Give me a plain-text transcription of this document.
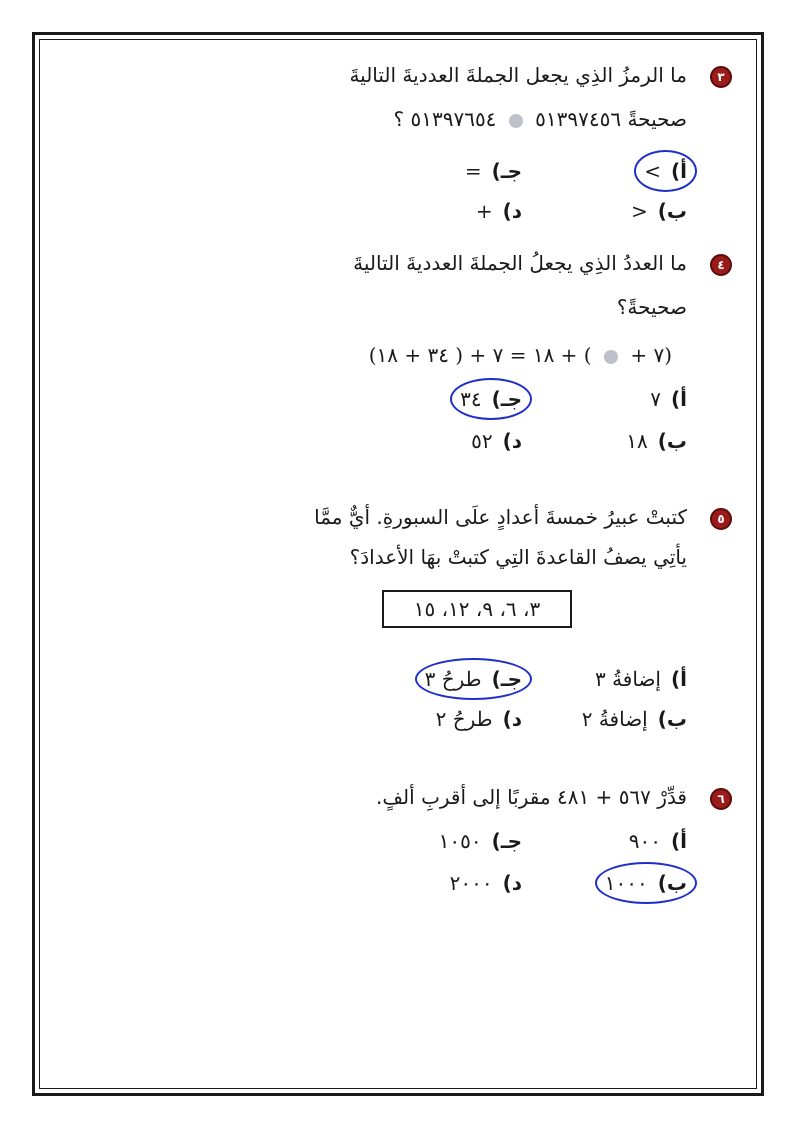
٣
ما الرمزُ الذِي يجعل الجملةَ العدديةَ التاليةَ
صحيحةً ٥١٣٩٧٤٥٦  ٥١٣٩٧٦٥٤ ؟
أ)>
جـ)=
ب)<
د)+
٤
ما العددُ الذِي يجعلُ الجملةَ العدديةَ التاليةَ
صحيحةً؟
(٧ +  ) + ١٨ = ٧ + ( ٣٤ + ١٨)
أ)٧
جـ)٣٤
ب)١٨
د)٥٢
٥
كتبتْ عبيرُ خمسةَ أعدادٍ علَى السبورةِ. أيٌّ ممَّا
يأتِي يصفُ القاعدةَ التِي كتبتْ بهَا الأعدادَ؟
٣، ٦، ٩، ١٢، ١٥
أ)إضافةُ ٣
جـ)طرحُ ٣
ب)إضافةُ ٢
د)طرحُ ٢
٦
قدِّرْ ٥٦٧ + ٤٨١ مقربًا إلى أقربِ ألفٍ.
أ)٩٠٠
جـ)١٠٥٠
ب)١٠٠٠
د)٢٠٠٠
